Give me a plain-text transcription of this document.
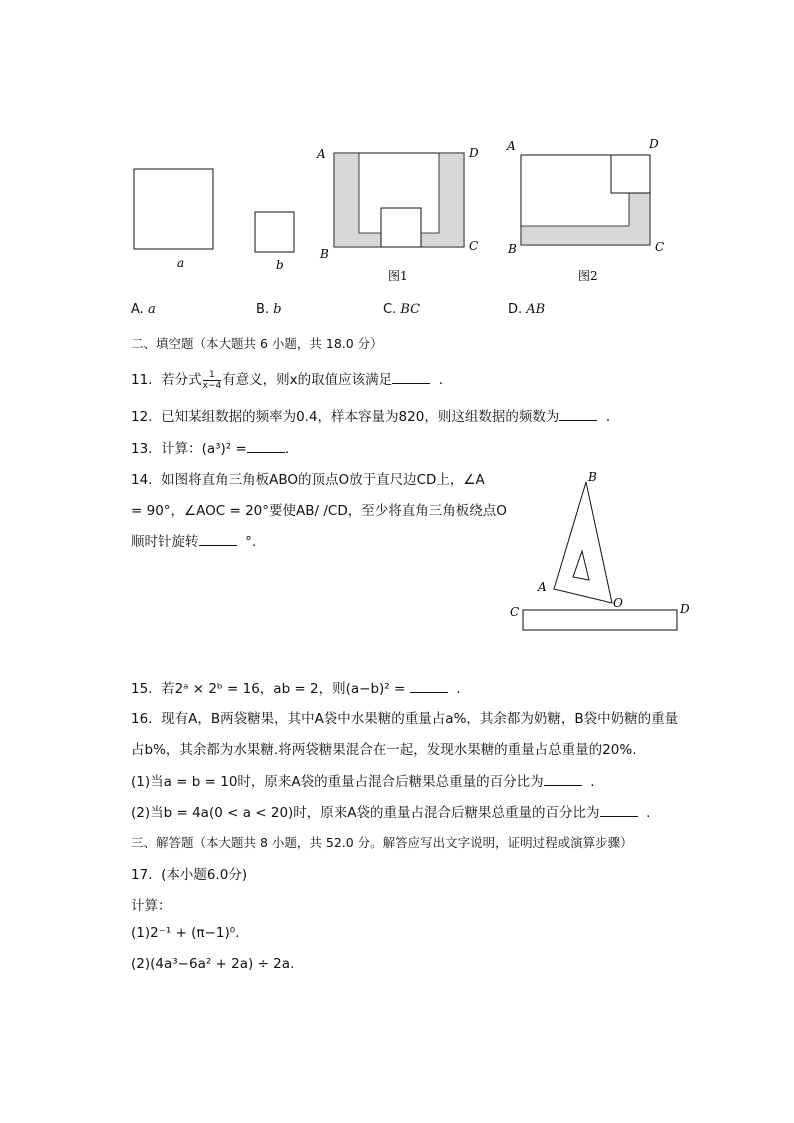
a	b
A	D
B
C
图1
A	D
B	C
图2
A. a	B. b	C. BC	D. AB
二、填空题（本大题共 6 小题，共 18.0 分）
11. 若分式 $\frac{1}{x-4}$ 有意义，则x的取值应该满足	.
12. 已知某组数据的频率为0.4，样本容量为820，则这组数据的频数为	.
13. 计算：(a³)² =	.
14. 如图将直角三角板ABO的顶点O放于直尺边CD上，∠A
= 90°，∠AOC = 20°要使AB/ /CD，至少将直角三角板绕点O
顺时针旋转	°.
B
A
O
C	D
15. 若2ᵃ × 2ᵇ = 16，ab = 2，则(a−b)² =	.
16. 现有A，B两袋糖果，其中A袋中水果糖的重量占a%，其余都为奶糖，B袋中奶糖的重量
占b%，其余都为水果糖.将两袋糖果混合在一起，发现水果糖的重量占总重量的20%.
(1)当a = b = 10时，原来A袋的重量占混合后糖果总重量的百分比为	.
(2)当b = 4a(0 < a < 20)时，原来A袋的重量占混合后糖果总重量的百分比为	.
三、解答题（本大题共 8 小题，共 52.0 分。解答应写出文字说明，证明过程或演算步骤）
17. (本小题6.0分)
计算：
(1)2⁻¹ + (π−1)⁰.
(2)(4a³−6a² + 2a) ÷ 2a.
